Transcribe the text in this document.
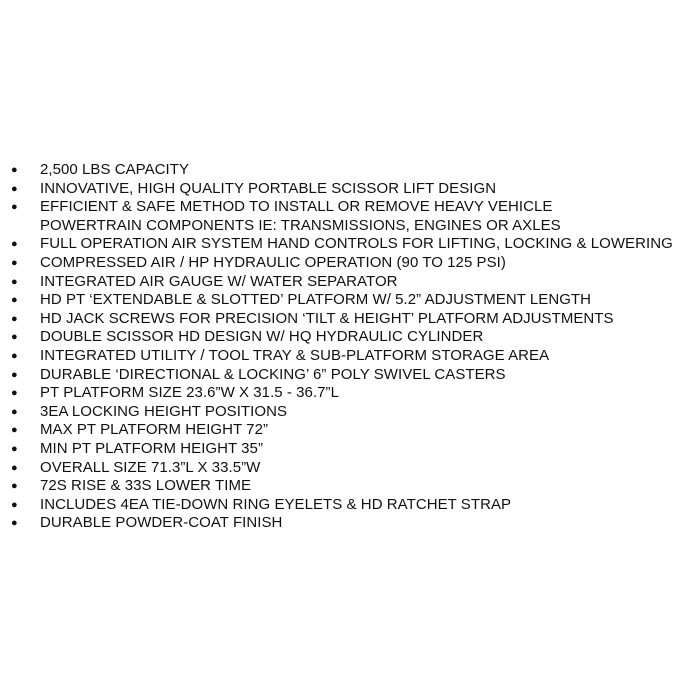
●	2,500 LBS CAPACITY
●	INNOVATIVE, HIGH QUALITY PORTABLE SCISSOR LIFT DESIGN
●	EFFICIENT & SAFE METHOD TO INSTALL OR REMOVE HEAVY VEHICLE
POWERTRAIN COMPONENTS IE: TRANSMISSIONS, ENGINES OR AXLES
●	FULL OPERATION AIR SYSTEM HAND CONTROLS FOR LIFTING, LOCKING & LOWERING
●	COMPRESSED AIR / HP HYDRAULIC OPERATION (90 TO 125 PSI)
●	INTEGRATED AIR GAUGE W/ WATER SEPARATOR
●	HD PT ‘EXTENDABLE & SLOTTED’ PLATFORM W/ 5.2” ADJUSTMENT LENGTH
●	HD JACK SCREWS FOR PRECISION ‘TILT & HEIGHT’ PLATFORM ADJUSTMENTS
●	DOUBLE SCISSOR HD DESIGN W/ HQ HYDRAULIC CYLINDER
●	INTEGRATED UTILITY / TOOL TRAY & SUB-PLATFORM STORAGE AREA
●	DURABLE ‘DIRECTIONAL & LOCKING’ 6” POLY SWIVEL CASTERS
●	PT PLATFORM SIZE 23.6”W X 31.5 - 36.7”L
●	3EA LOCKING HEIGHT POSITIONS
●	MAX PT PLATFORM HEIGHT 72”
●	MIN PT PLATFORM HEIGHT 35”
●	OVERALL SIZE 71.3”L X 33.5”W
●	72S RISE & 33S LOWER TIME
●	INCLUDES 4EA TIE-DOWN RING EYELETS & HD RATCHET STRAP
●	DURABLE POWDER-COAT FINISH
